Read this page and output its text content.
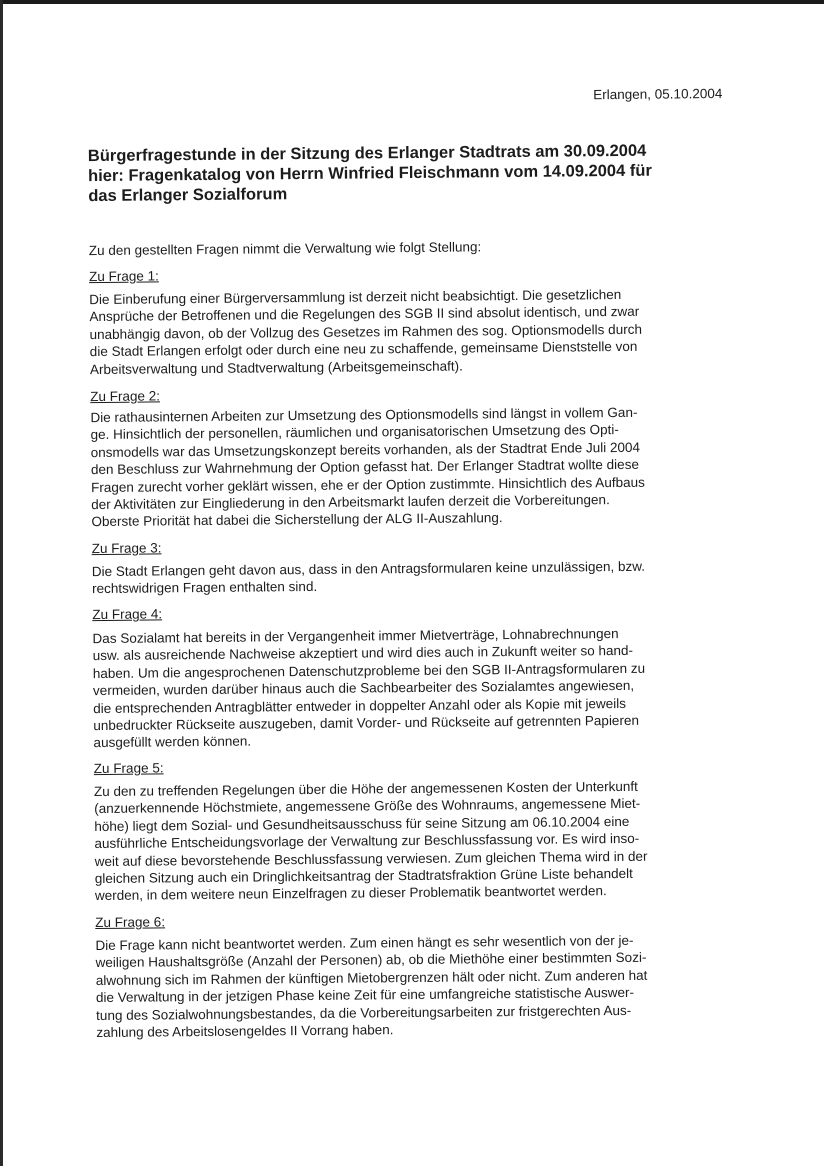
Erlangen, 05.10.2004
Bürgerfragestunde in der Sitzung des Erlanger Stadtrats am 30.09.2004
hier: Fragenkatalog von Herrn Winfried Fleischmann vom 14.09.2004 für
das Erlanger Sozialforum
Zu den gestellten Fragen nimmt die Verwaltung wie folgt Stellung:
Zu Frage 1:
Die Einberufung einer Bürgerversammlung ist derzeit nicht beabsichtigt. Die gesetzlichen
Ansprüche der Betroffenen und die Regelungen des SGB II sind absolut identisch, und zwar
unabhängig davon, ob der Vollzug des Gesetzes im Rahmen des sog. Optionsmodells durch
die Stadt Erlangen erfolgt oder durch eine neu zu schaffende, gemeinsame Dienststelle von
Arbeitsverwaltung und Stadtverwaltung (Arbeitsgemeinschaft).
Zu Frage 2:
Die rathausinternen Arbeiten zur Umsetzung des Optionsmodells sind längst in vollem Gan-
ge. Hinsichtlich der personellen, räumlichen und organisatorischen Umsetzung des Opti-
onsmodells war das Umsetzungskonzept bereits vorhanden, als der Stadtrat Ende Juli 2004
den Beschluss zur Wahrnehmung der Option gefasst hat. Der Erlanger Stadtrat wollte diese
Fragen zurecht vorher geklärt wissen, ehe er der Option zustimmte. Hinsichtlich des Aufbaus
der Aktivitäten zur Eingliederung in den Arbeitsmarkt laufen derzeit die Vorbereitungen.
Oberste Priorität hat dabei die Sicherstellung der ALG II-Auszahlung.
Zu Frage 3:
Die Stadt Erlangen geht davon aus, dass in den Antragsformularen keine unzulässigen, bzw.
rechtswidrigen Fragen enthalten sind.
Zu Frage 4:
Das Sozialamt hat bereits in der Vergangenheit immer Mietverträge, Lohnabrechnungen
usw. als ausreichende Nachweise akzeptiert und wird dies auch in Zukunft weiter so hand-
haben. Um die angesprochenen Datenschutzprobleme bei den SGB II-Antragsformularen zu
vermeiden, wurden darüber hinaus auch die Sachbearbeiter des Sozialamtes angewiesen,
die entsprechenden Antragblätter entweder in doppelter Anzahl oder als Kopie mit jeweils
unbedruckter Rückseite auszugeben, damit Vorder- und Rückseite auf getrennten Papieren
ausgefüllt werden können.
Zu Frage 5:
Zu den zu treffenden Regelungen über die Höhe der angemessenen Kosten der Unterkunft
(anzuerkennende Höchstmiete, angemessene Größe des Wohnraums, angemessene Miet-
höhe) liegt dem Sozial- und Gesundheitsausschuss für seine Sitzung am 06.10.2004 eine
ausführliche Entscheidungsvorlage der Verwaltung zur Beschlussfassung vor. Es wird inso-
weit auf diese bevorstehende Beschlussfassung verwiesen. Zum gleichen Thema wird in der
gleichen Sitzung auch ein Dringlichkeitsantrag der Stadtratsfraktion Grüne Liste behandelt
werden, in dem weitere neun Einzelfragen zu dieser Problematik beantwortet werden.
Zu Frage 6:
Die Frage kann nicht beantwortet werden. Zum einen hängt es sehr wesentlich von der je-
weiligen Haushaltsgröße (Anzahl der Personen) ab, ob die Miethöhe einer bestimmten Sozi-
alwohnung sich im Rahmen der künftigen Mietobergrenzen hält oder nicht. Zum anderen hat
die Verwaltung in der jetzigen Phase keine Zeit für eine umfangreiche statistische Auswer-
tung des Sozialwohnungsbestandes, da die Vorbereitungsarbeiten zur fristgerechten Aus-
zahlung des Arbeitslosengeldes II Vorrang haben.
